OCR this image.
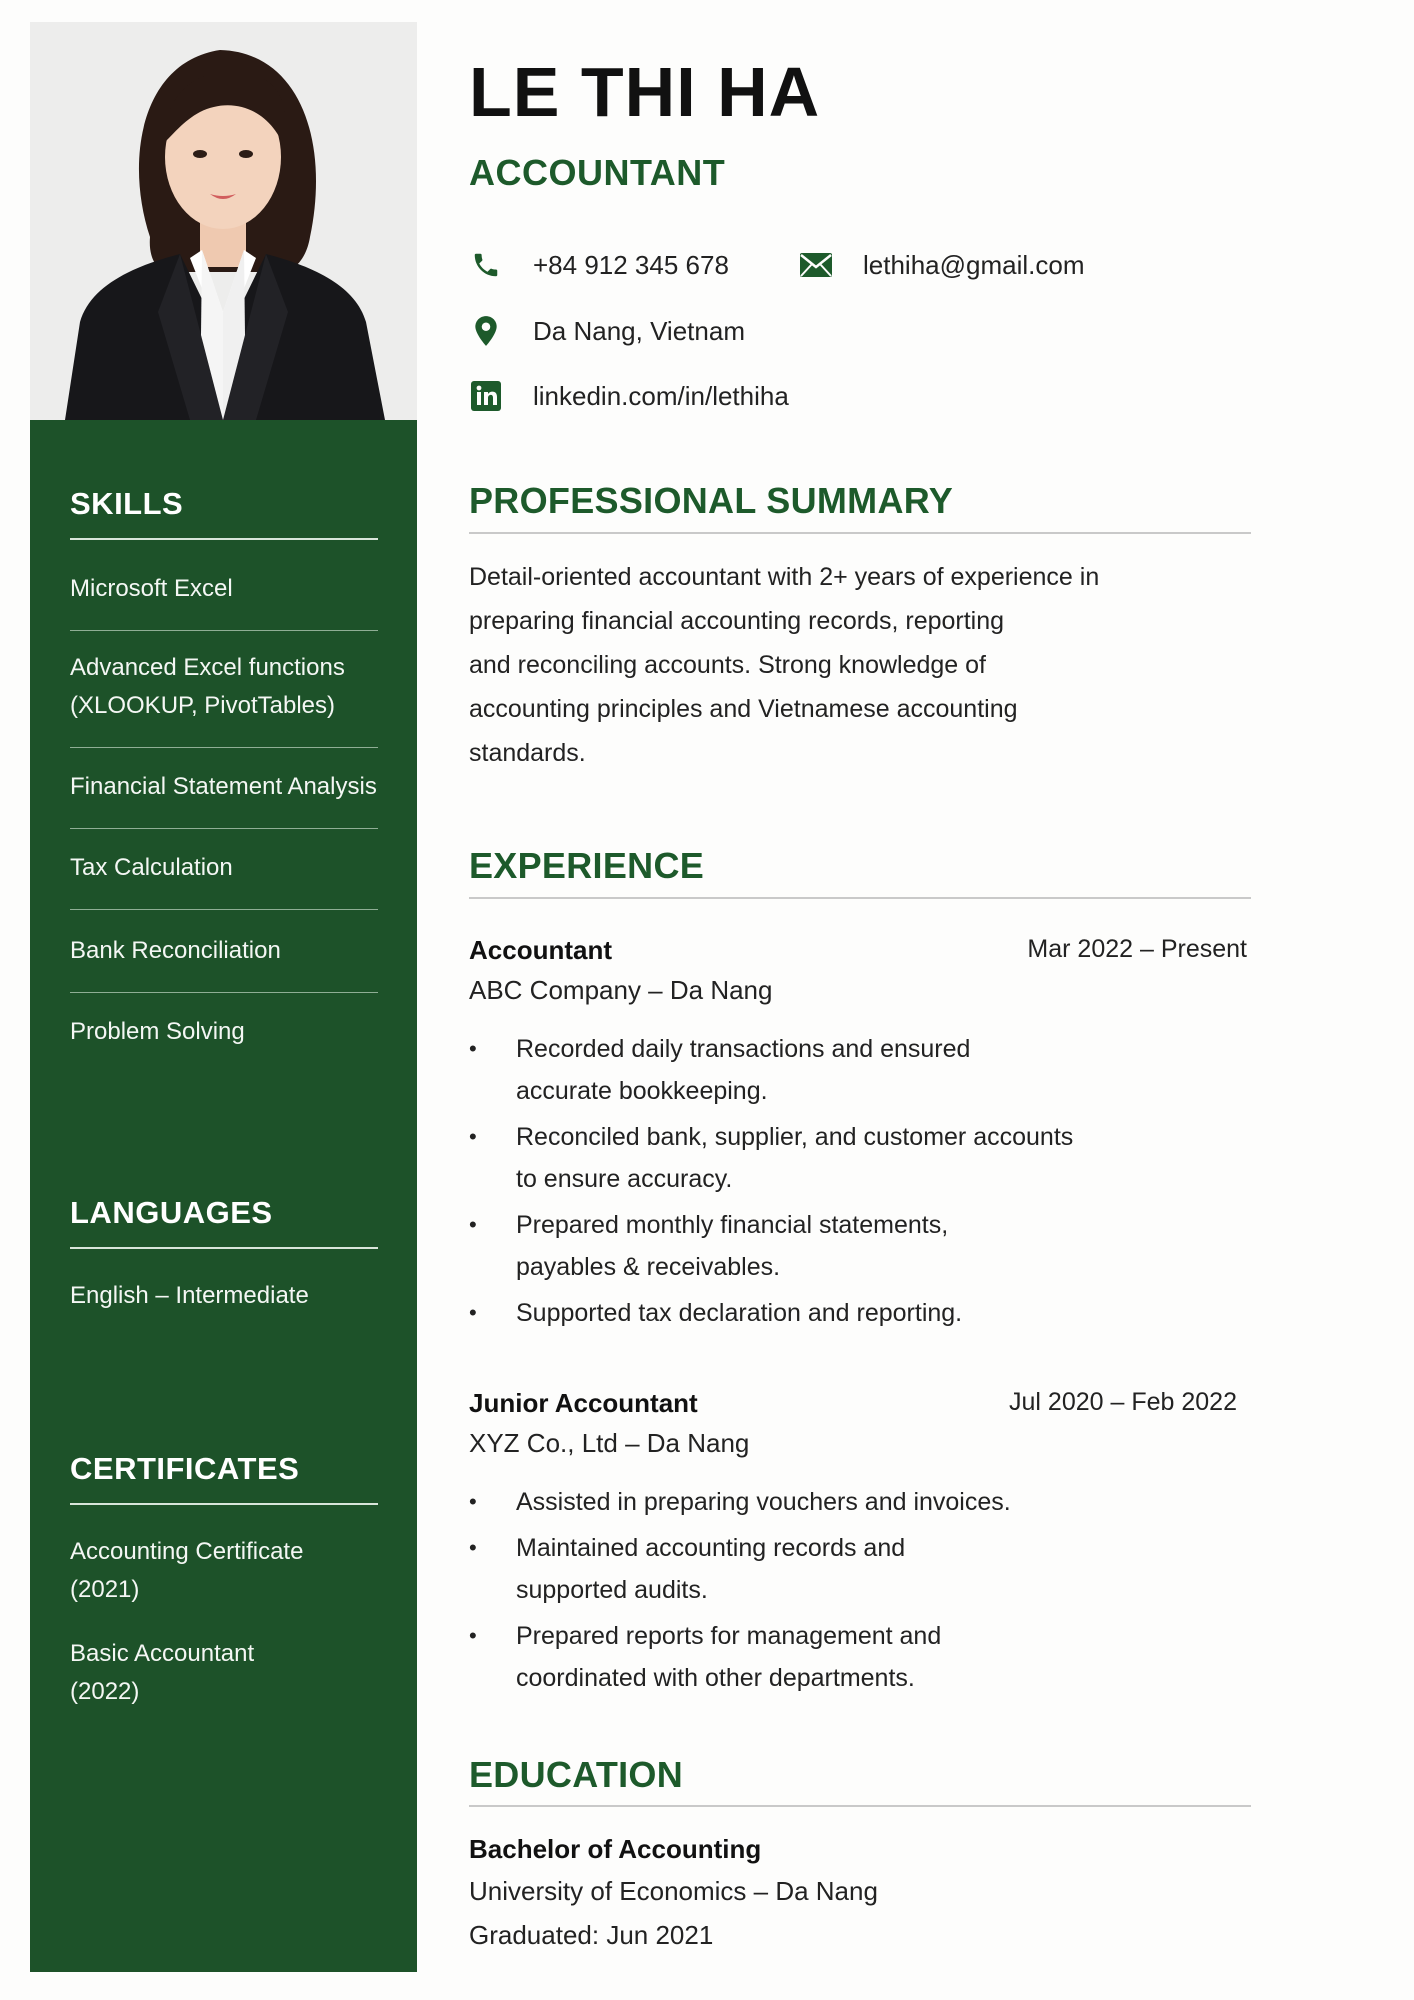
SKILLS
Microsoft Excel
Advanced Excel functions
(XLOOKUP, PivotTables)
Financial Statement Analysis
Tax Calculation
Bank Reconciliation
Problem Solving
LANGUAGES
English – Intermediate
CERTIFICATES
Accounting Certificate
(2021)
Basic Accountant
(2022)
LE THI HA
ACCOUNTANT
+84 912 345 678	lethiha@gmail.com
Da Nang, Vietnam
linkedin.com/in/lethiha
PROFESSIONAL SUMMARY
Detail-oriented accountant with 2+ years of experience in
preparing financial accounting records, reporting
and reconciling accounts. Strong knowledge of
accounting principles and Vietnamese accounting
standards.
EXPERIENCE
Accountant	Mar 2022 – Present
ABC Company – Da Nang
• Recorded daily transactions and ensured
accurate bookkeeping.
• Reconciled bank, supplier, and customer accounts
to ensure accuracy.
• Prepared monthly financial statements,
payables & receivables.
• Supported tax declaration and reporting.
Junior Accountant	Jul 2020 – Feb 2022
XYZ Co., Ltd – Da Nang
• Assisted in preparing vouchers and invoices.
• Maintained accounting records and
supported audits.
• Prepared reports for management and
coordinated with other departments.
EDUCATION
Bachelor of Accounting
University of Economics – Da Nang
Graduated: Jun 2021
